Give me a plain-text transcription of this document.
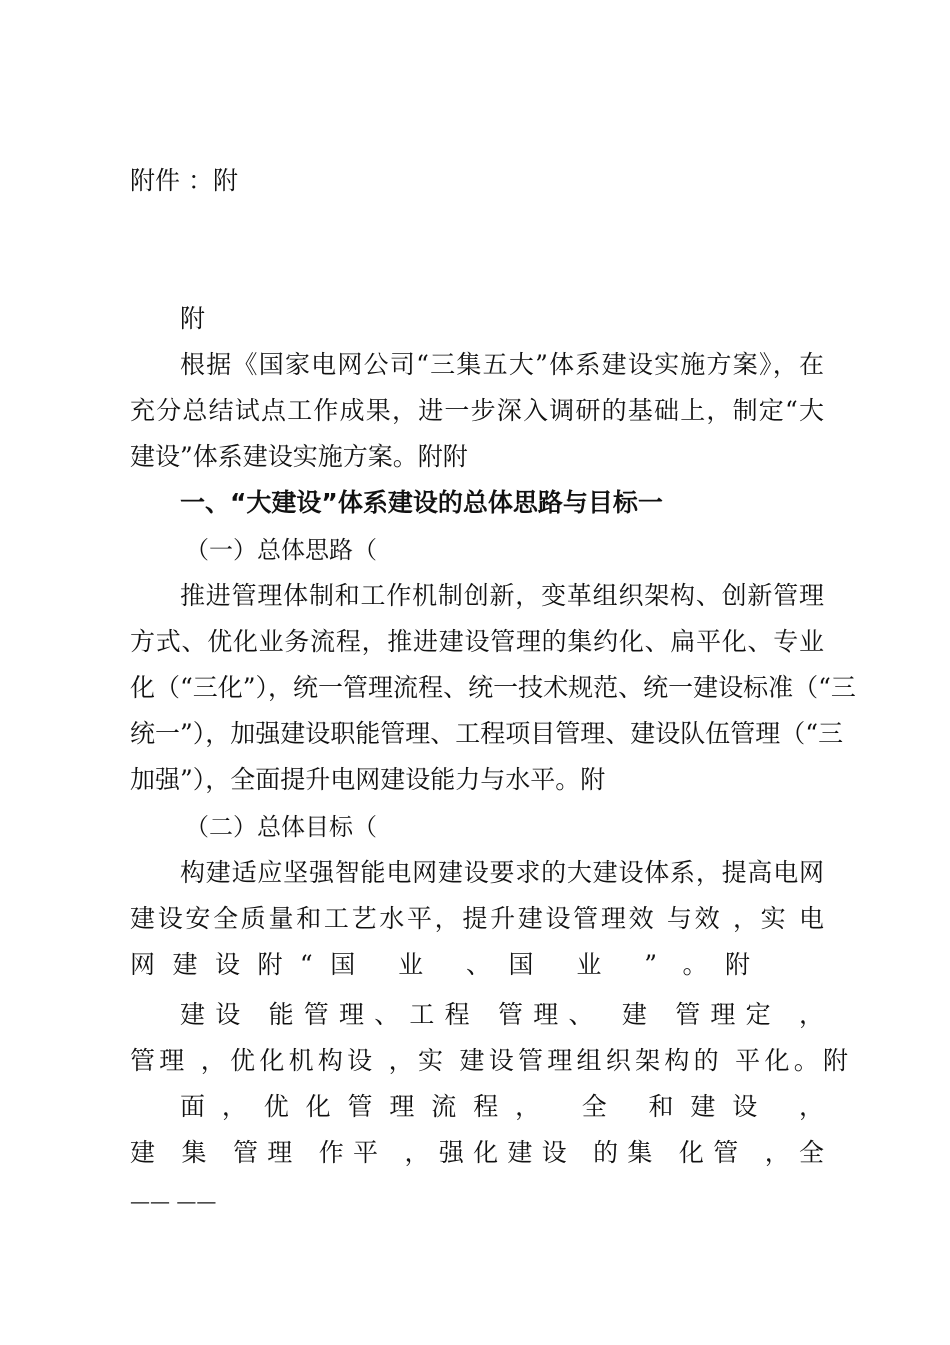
附件 ：附
附
根据《国家电网公司“三集五大”体系建设实施方案》，在
充分总结试点工作成果，进一步深入调研的基础上，制定“大
建设”体系建设实施方案。附附
一、“大建设”体系建设的总体思路与目标一
（一）总体思路（
推进管理体制和工作机制创新，变革组织架构、创新管理
方式、优化业务流程，推进建设管理的集约化、扁平化、专业
化（“三化”），统一管理流程、统一技术规范、统一建设标准（“三
统一”），加强建设职能管理、工程项目管理、建设队伍管理（“三
加强”），全面提升电网建设能力与水平。附
（二）总体目标（
构建适应坚强智能电网建设要求的大建设体系，提高电网
建设安全质量和工艺水平，提升建设管理效 与效 ，实 电
网建设附“国 业 、国 业 ” 。附
建设 能管理、工程 管理、 建 管理定 ，
管理 ，优化机构设 ，实 建设管理组织架构的 平化。附
面，优化管理流程， 全 和建设 ，
建 集 管理 作平 ，强化建设 的集 化管 ，全
—— ——
